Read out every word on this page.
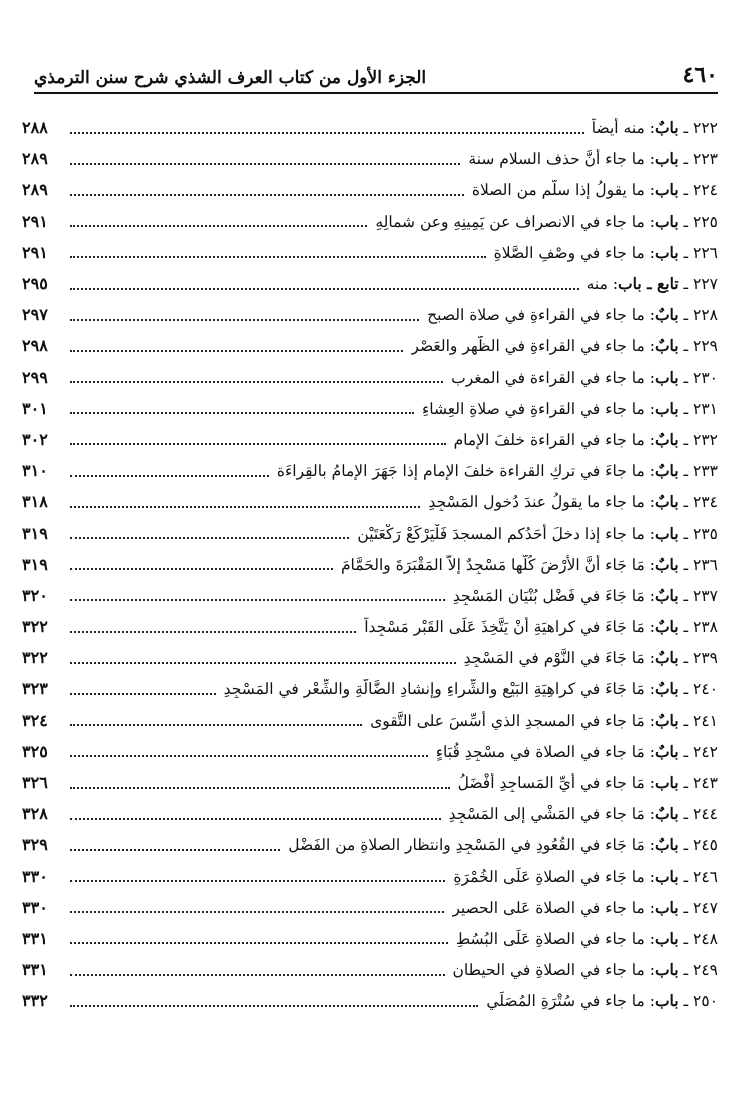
٤٦٠
الجزء الأول من كتاب العرف الشذي شرح سنن الترمذي
٢٢٢ ـ بابٌ: منه أيضاً
٢٨٨
٢٢٣ ـ باب: ما جاء أنَّ حذف السلام سنة
٢٨٩
٢٢٤ ـ باب: ما يقولُ إذا سلَّم من الصلاة
٢٨٩
٢٢٥ ـ باب: ما جاء في الانصراف عن يَمِينِهِ وعن شمالِهِ
٢٩١
٢٢٦ ـ باب: ما جاء في وصْفِ الصَّلاةِ
٢٩١
٢٢٧ ـ تابع ـ باب: منه
٢٩٥
٢٢٨ ـ بابٌ: ما جاء في القراءةِ في صلاة الصبح
٢٩٧
٢٢٩ ـ بابٌ: ما جاء في القراءةِ في الظُّهرِ والعَصْرِ
٢٩٨
٢٣٠ ـ باب: ما جاء في القراءة في المغرب
٢٩٩
٢٣١ ـ باب: ما جاء في القراءةِ في صلاةِ العِشاءِ
٣٠١
٢٣٢ ـ بابٌ: ما جاء في القراءة خلفَ الإمام
٣٠٢
٢٣٣ ـ بابٌ: ما جاءَ في تركِ القراءة خلفَ الإمام إذا جَهَرَ الإمامُ بالقِراءَة
٣١٠
٢٣٤ ـ بابٌ: ما جاء ما يقولُ عندَ دُخولِ المَسْجِدِ
٣١٨
٢٣٥ ـ باب: ما جاء إذا دخلَ أحَدُكم المسجدَ فَلْيَرْكَعْ رَكْعَتَيْنِ
٣١٩
٢٣٦ ـ بابٌ: مَا جَاء أنَّ الأرْضَ كُلَّها مَسْجِدٌ إلاَّ المَقْبَرَةَ والحَمَّامَ
٣١٩
٢٣٧ ـ بابٌ: مَا جَاءَ في فَضْلِ بُنْيَانِ المَسْجِدِ
٣٢٠
٢٣٨ ـ بابٌ: مَا جَاءَ في كراهيَةِ أنْ يَتَّخِذَ عَلَى القَبْرِ مَسْجِداً
٣٢٢
٢٣٩ ـ بابٌ: مَا جَاءَ في النَّوْمِ في المَسْجِدِ
٣٢٢
٢٤٠ ـ بابٌ: مَا جَاءَ في كراهِيَةِ البَيْعِ والشِّراءِ وإنشادِ الضَّالَّةِ والشِّعْرِ في المَسْجِدِ
٣٢٣
٢٤١ ـ بابٌ: مَا جاء في المسجدِ الذي أُسِّسَ على التَّقوى
٣٢٤
٢٤٢ ـ بابٌ: مَا جاء في الصلاة في مسْجِدِ قُبَاءٍ
٣٢٥
٢٤٣ ـ باب: مَا جاء في أيِّ المَساجِدِ أفْضَلُ
٣٢٦
٢٤٤ ـ بابٌ: مَا جاء في المَشْيِ إلى المَسْجِدِ
٣٢٨
٢٤٥ ـ بابٌ: مَا جَاء في القُعُودِ في المَسْجِدِ وانتظار الصلاةِ من الفَضْلِ
٣٢٩
٢٤٦ ـ باب: ما جَاء في الصلاةِ عَلَى الخُمْرَةِ
٣٣٠
٢٤٧ ـ باب: ما جاء في الصلاة عَلى الحصير
٣٣٠
٢٤٨ ـ باب: ما جاء في الصلاةِ عَلَى البُسُطِ
٣٣١
٢٤٩ ـ باب: ما جاء في الصلاةِ في الحيطانِ
٣٣١
٢٥٠ ـ باب: ما جاء في سُتْرَةِ المُصَلِّي
٣٣٢
